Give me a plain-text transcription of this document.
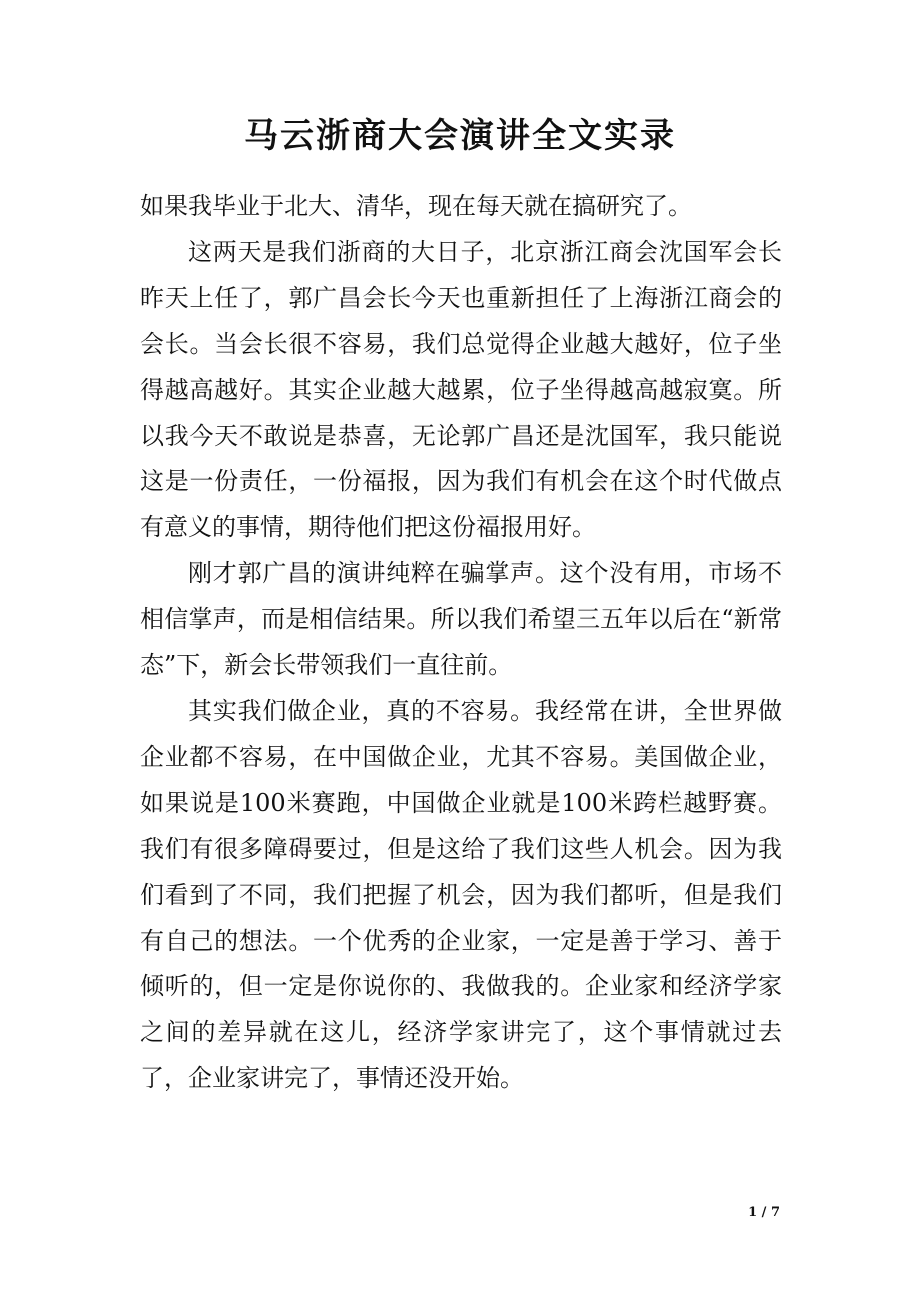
马云浙商大会演讲全文实录

如果我毕业于北大、清华，现在每天就在搞研究了。

这两天是我们浙商的大日子，北京浙江商会沈国军会长昨天上任了，郭广昌会长今天也重新担任了上海浙江商会的会长。当会长很不容易，我们总觉得企业越大越好，位子坐得越高越好。其实企业越大越累，位子坐得越高越寂寞。所以我今天不敢说是恭喜，无论郭广昌还是沈国军，我只能说这是一份责任，一份福报，因为我们有机会在这个时代做点有意义的事情，期待他们把这份福报用好。

刚才郭广昌的演讲纯粹在骗掌声。这个没有用，市场不相信掌声，而是相信结果。所以我们希望三五年以后在“新常态”下，新会长带领我们一直往前。

其实我们做企业，真的不容易。我经常在讲，全世界做企业都不容易，在中国做企业，尤其不容易。美国做企业，如果说是100米赛跑，中国做企业就是100米跨栏越野赛。我们有很多障碍要过，但是这给了我们这些人机会。因为我们看到了不同，我们把握了机会，因为我们都听，但是我们有自己的想法。一个优秀的企业家，一定是善于学习、善于倾听的，但一定是你说你的、我做我的。企业家和经济学家之间的差异就在这儿，经济学家讲完了，这个事情就过去了，企业家讲完了，事情还没开始。

1 / 7
